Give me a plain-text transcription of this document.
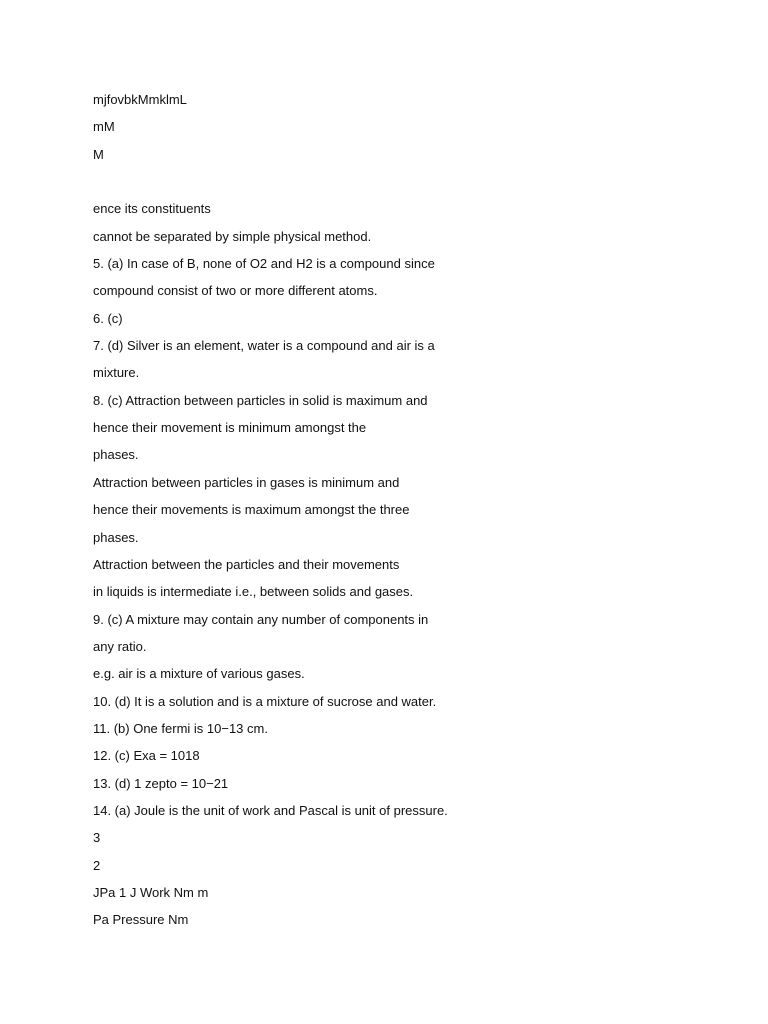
mjfovbkMmklmL
mM
M
ence its constituents
cannot be separated by simple physical method.
5. (a) In case of B, none of O2 and H2 is a compound since
compound consist of two or more different atoms.
6. (c)
7. (d) Silver is an element, water is a compound and air is a
mixture.
8. (c) Attraction between particles in solid is maximum and
hence their movement is minimum amongst the
phases.
Attraction between particles in gases is minimum and
hence their movements is maximum amongst the three
phases.
Attraction between the particles and their movements
in liquids is intermediate i.e., between solids and gases.
9. (c) A mixture may contain any number of components in
any ratio.
e.g. air is a mixture of various gases.
10. (d) It is a solution and is a mixture of sucrose and water.
11. (b) One fermi is 10−13 cm.
12. (c) Exa = 1018
13. (d) 1 zepto = 10−21
14. (a) Joule is the unit of work and Pascal is unit of pressure.
3
2
JPa 1 J Work Nm m
Pa Pressure Nm
